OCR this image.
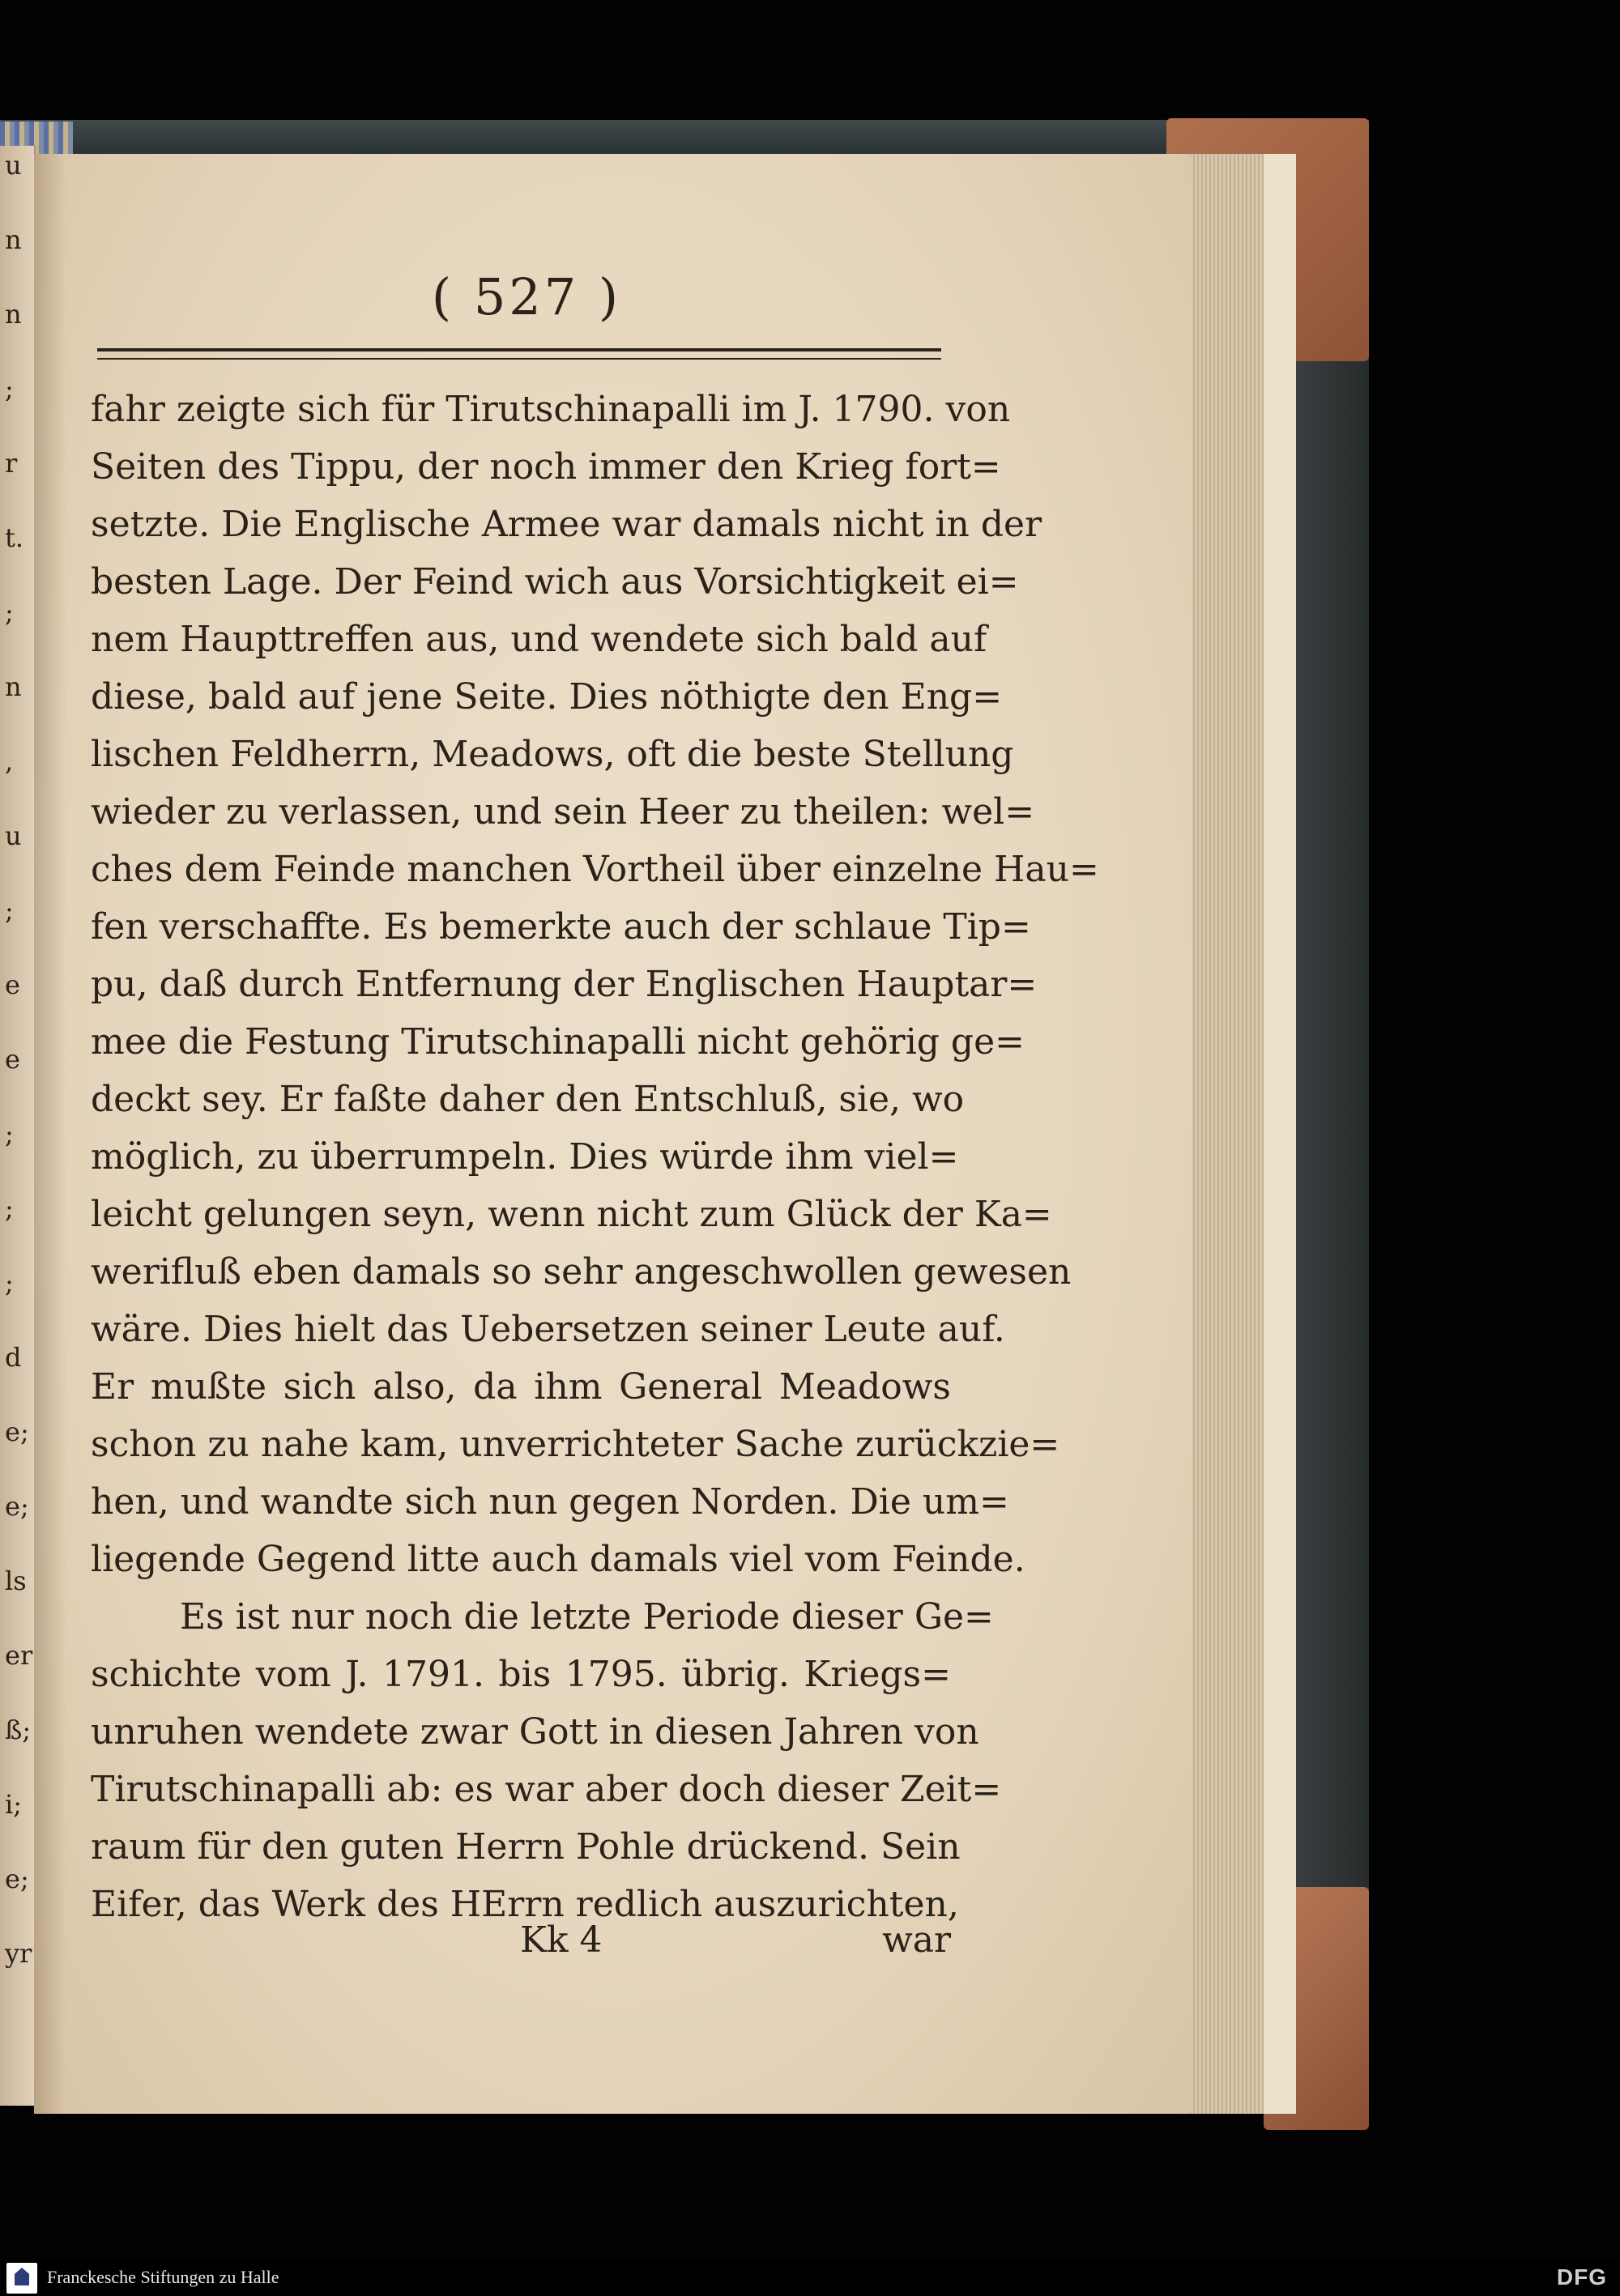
u
n
n
;
r
t.
;
n
,
u
;
e
e
;
;
;
d
e;
e;
ls
er
ß;
i;
e;
yr
( 527 )
fahr zeigte sich für Tirutschinapalli im J. 1790. von
Seiten des Tippu, der noch immer den Krieg fort=
setzte. Die Englische Armee war damals nicht in der
besten Lage. Der Feind wich aus Vorsichtigkeit ei=
nem Haupttreffen aus, und wendete sich bald auf
diese, bald auf jene Seite. Dies nöthigte den Eng=
lischen Feldherrn, Meadows, oft die beste Stellung
wieder zu verlassen, und sein Heer zu theilen: wel=
ches dem Feinde manchen Vortheil über einzelne Hau=
fen verschaffte. Es bemerkte auch der schlaue Tip=
pu, daß durch Entfernung der Englischen Hauptar=
mee die Festung Tirutschinapalli nicht gehörig ge=
deckt sey. Er faßte daher den Entschluß, sie, wo
möglich, zu überrumpeln. Dies würde ihm viel=
leicht gelungen seyn, wenn nicht zum Glück der Ka=
werifluß eben damals so sehr angeschwollen gewesen
wäre. Dies hielt das Uebersetzen seiner Leute auf.
Er mußte sich also, da ihm General Meadows
schon zu nahe kam, unverrichteter Sache zurückzie=
hen, und wandte sich nun gegen Norden. Die um=
liegende Gegend litte auch damals viel vom Feinde.
Es ist nur noch die letzte Periode dieser Ge=
schichte vom J. 1791. bis 1795. übrig. Kriegs=
unruhen wendete zwar Gott in diesen Jahren von
Tirutschinapalli ab: es war aber doch dieser Zeit=
raum für den guten Herrn Pohle drückend. Sein
Eifer, das Werk des HErrn redlich auszurichten,
Kk 4	war
Franckesche Stiftungen zu Halle	DFG
